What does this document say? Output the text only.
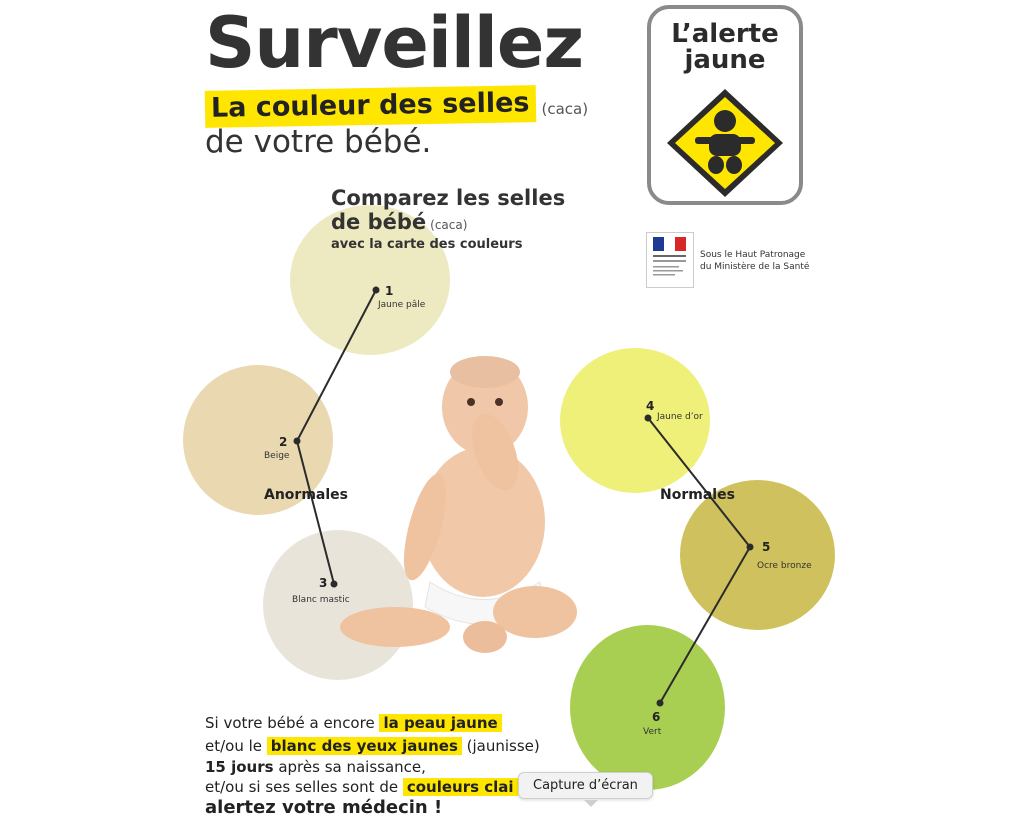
Surveillez
La couleur des selles (caca)
de votre bébé.
L’alerte
jaune
Sous le Haut Patronage
du Ministère de la Santé
Comparez les selles
de bébé (caca)
avec la carte des couleurs
1
Jaune pâle
2
Beige
3
Blanc mastic
4
Jaune d’or
5
Ocre bronze
6
Vert
Anormales	Normales
Si votre bébé a encore la peau jaune
et/ou le blanc des yeux jaunes (jaunisse)
15 jours après sa naissance,
et/ou si ses selles sont de couleurs clai
alertez votre médecin !
Capture d’écran
